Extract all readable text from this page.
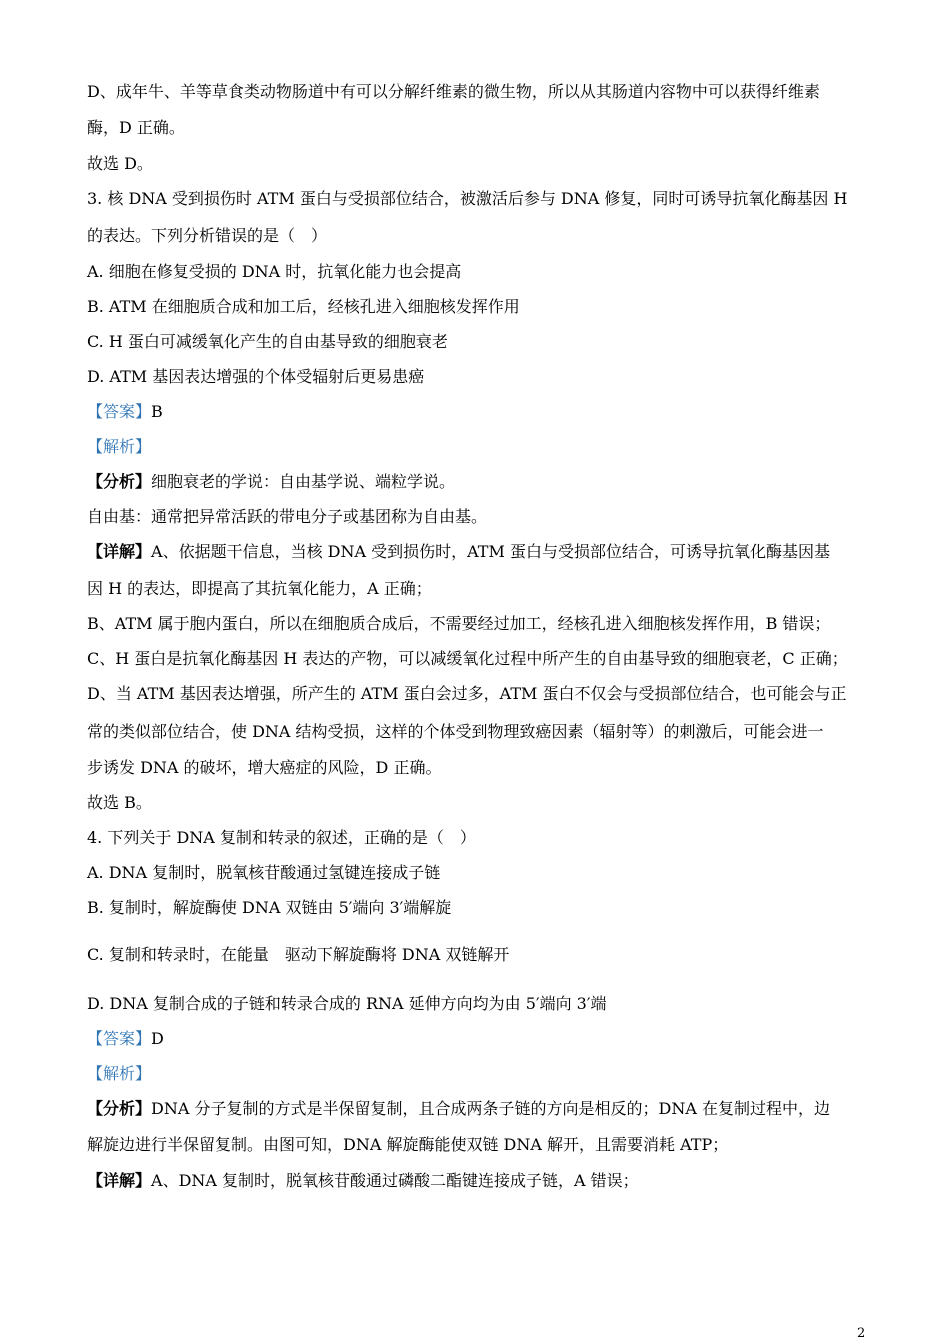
D、成年牛、羊等草食类动物肠道中有可以分解纤维素的微生物，所以从其肠道内容物中可以获得纤维素

酶，D 正确。

故选 D。

3. 核 DNA 受到损伤时 ATM 蛋白与受损部位结合，被激活后参与 DNA 修复，同时可诱导抗氧化酶基因 H

的表达。下列分析错误的是（　）

A. 细胞在修复受损的 DNA 时，抗氧化能力也会提高

B. ATM 在细胞质合成和加工后，经核孔进入细胞核发挥作用

C. H 蛋白可减缓氧化产生的自由基导致的细胞衰老

D. ATM 基因表达增强的个体受辐射后更易患癌

【答案】B

【解析】

【分析】细胞衰老的学说：自由基学说、端粒学说。

自由基：通常把异常活跃的带电分子或基团称为自由基。

【详解】A、依据题干信息，当核 DNA 受到损伤时，ATM 蛋白与受损部位结合，可诱导抗氧化酶基因基

因 H 的表达，即提高了其抗氧化能力，A 正确；

B、ATM 属于胞内蛋白，所以在细胞质合成后，不需要经过加工，经核孔进入细胞核发挥作用，B 错误；

C、H 蛋白是抗氧化酶基因 H 表达的产物，可以减缓氧化过程中所产生的自由基导致的细胞衰老，C 正确；

D、当 ATM 基因表达增强，所产生的 ATM 蛋白会过多，ATM 蛋白不仅会与受损部位结合，也可能会与正

常的类似部位结合，使 DNA 结构受损，这样的个体受到物理致癌因素（辐射等）的刺激后，可能会进一

步诱发 DNA 的破坏，增大癌症的风险，D 正确。

故选 B。

4. 下列关于 DNA 复制和转录的叙述，正确的是（　）

A. DNA 复制时，脱氧核苷酸通过氢键连接成子链

B. 复制时，解旋酶使 DNA 双链由 5′端向 3′端解旋

C. 复制和转录时，在能量　驱动下解旋酶将 DNA 双链解开

D. DNA 复制合成的子链和转录合成的 RNA 延伸方向均为由 5′端向 3′端

【答案】D

【解析】

【分析】DNA 分子复制的方式是半保留复制，且合成两条子链的方向是相反的；DNA 在复制过程中，边

解旋边进行半保留复制。由图可知，DNA 解旋酶能使双链 DNA 解开，且需要消耗 ATP；

【详解】A、DNA 复制时，脱氧核苷酸通过磷酸二酯键连接成子链，A 错误；

2
